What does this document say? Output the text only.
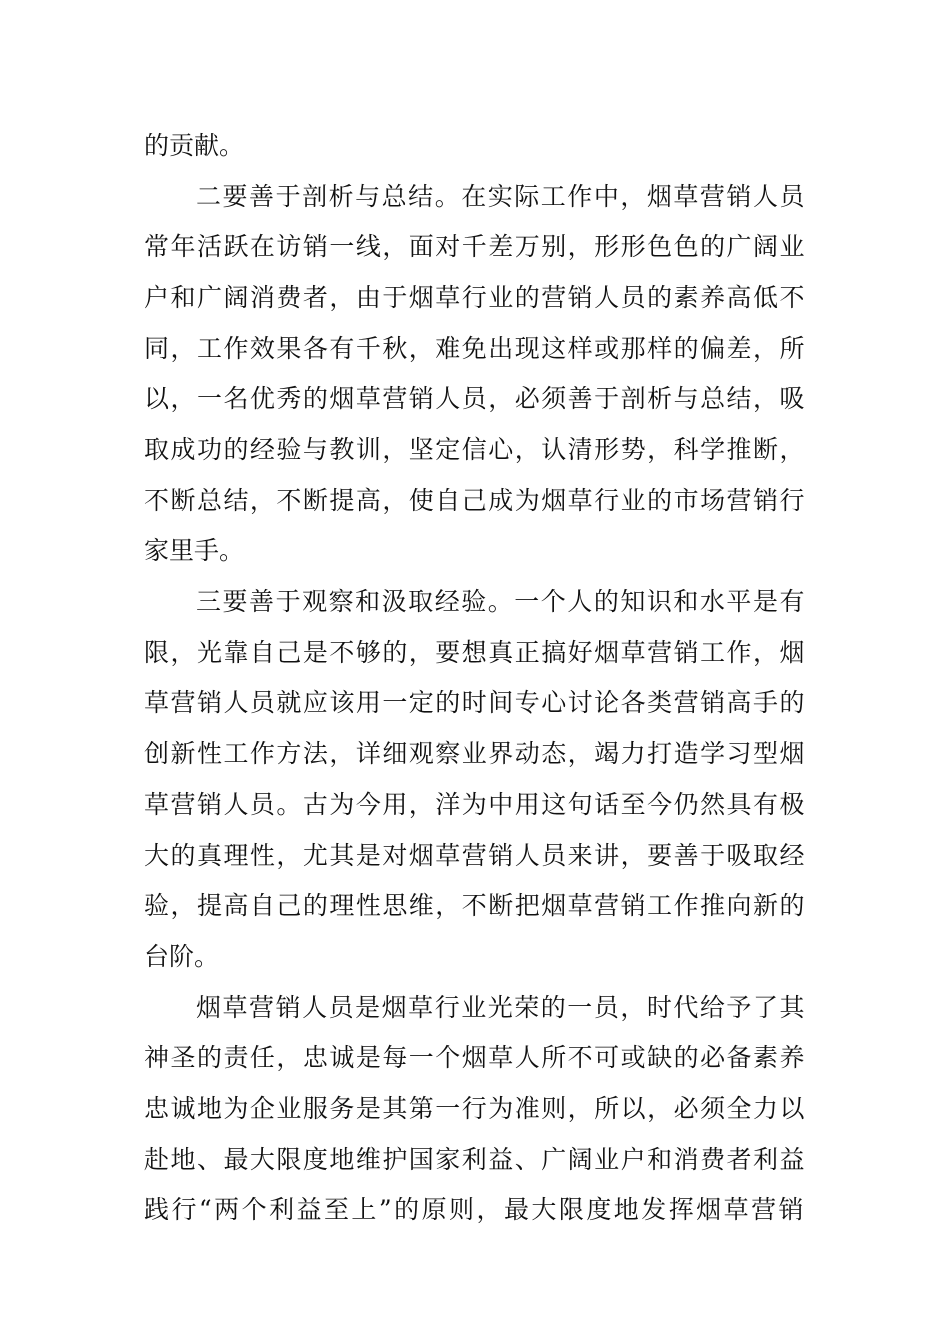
的贡献。
二要善于剖析与总结。在实际工作中，烟草营销人员
常年活跃在访销一线，面对千差万别，形形色色的广阔业
户和广阔消费者，由于烟草行业的营销人员的素养高低不
同，工作效果各有千秋，难免出现这样或那样的偏差，所
以，一名优秀的烟草营销人员，必须善于剖析与总结，吸
取成功的经验与教训，坚定信心，认清形势，科学推断，
不断总结，不断提高，使自己成为烟草行业的市场营销行
家里手。
三要善于观察和汲取经验。一个人的知识和水平是有
限，光靠自己是不够的，要想真正搞好烟草营销工作，烟
草营销人员就应该用一定的时间专心讨论各类营销高手的
创新性工作方法，详细观察业界动态，竭力打造学习型烟
草营销人员。古为今用，洋为中用这句话至今仍然具有极
大的真理性，尤其是对烟草营销人员来讲，要善于吸取经
验，提高自己的理性思维，不断把烟草营销工作推向新的
台阶。
烟草营销人员是烟草行业光荣的一员，时代给予了其
神圣的责任，忠诚是每一个烟草人所不可或缺的必备素养
忠诚地为企业服务是其第一行为准则，所以，必须全力以
赴地、最大限度地维护国家利益、广阔业户和消费者利益
践行“两个利益至上”的原则，最大限度地发挥烟草营销
